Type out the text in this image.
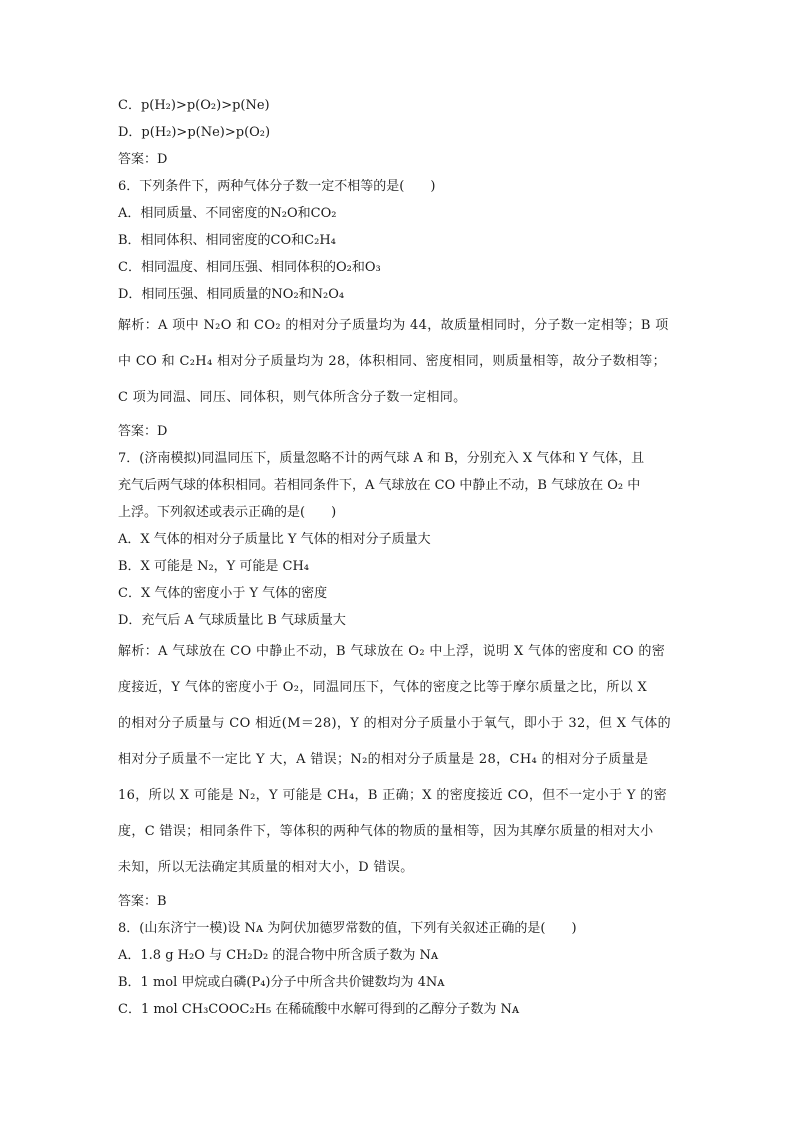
C．p(H₂)>p(O₂)>p(Ne)

D．p(H₂)>p(Ne)>p(O₂)

答案：D

6．下列条件下，两种气体分子数一定不相等的是(　　)

A．相同质量、不同密度的N₂O和CO₂

B．相同体积、相同密度的CO和C₂H₄

C．相同温度、相同压强、相同体积的O₂和O₃

D．相同压强、相同质量的NO₂和N₂O₄

解析：A 项中 N₂O 和 CO₂ 的相对分子质量均为 44，故质量相同时，分子数一定相等；B 项

中 CO 和 C₂H₄ 相对分子质量均为 28，体积相同、密度相同，则质量相等，故分子数相等；

C 项为同温、同压、同体积，则气体所含分子数一定相同。

答案：D

7．(济南模拟)同温同压下，质量忽略不计的两气球 A 和 B，分别充入 X 气体和 Y 气体，且

充气后两气球的体积相同。若相同条件下，A 气球放在 CO 中静止不动，B 气球放在 O₂ 中

上浮。下列叙述或表示正确的是(　　)

A．X 气体的相对分子质量比 Y 气体的相对分子质量大

B．X 可能是 N₂，Y 可能是 CH₄

C．X 气体的密度小于 Y 气体的密度

D．充气后 A 气球质量比 B 气球质量大

解析：A 气球放在 CO 中静止不动，B 气球放在 O₂ 中上浮，说明 X 气体的密度和 CO 的密

度接近，Y 气体的密度小于 O₂，同温同压下，气体的密度之比等于摩尔质量之比，所以 X

的相对分子质量与 CO 相近(M＝28)，Y 的相对分子质量小于氧气，即小于 32，但 X 气体的

相对分子质量不一定比 Y 大，A 错误；N₂的相对分子质量是 28，CH₄ 的相对分子质量是

16，所以 X 可能是 N₂，Y 可能是 CH₄，B 正确；X 的密度接近 CO，但不一定小于 Y 的密

度，C 错误；相同条件下，等体积的两种气体的物质的量相等，因为其摩尔质量的相对大小

未知，所以无法确定其质量的相对大小，D 错误。

答案：B

8．(山东济宁一模)设 Nᴀ 为阿伏加德罗常数的值，下列有关叙述正确的是(　　)

A．1.8 g H₂O 与 CH₂D₂ 的混合物中所含质子数为 Nᴀ

B．1 mol 甲烷或白磷(P₄)分子中所含共价键数均为 4Nᴀ

C．1 mol CH₃COOC₂H₅ 在稀硫酸中水解可得到的乙醇分子数为 Nᴀ
